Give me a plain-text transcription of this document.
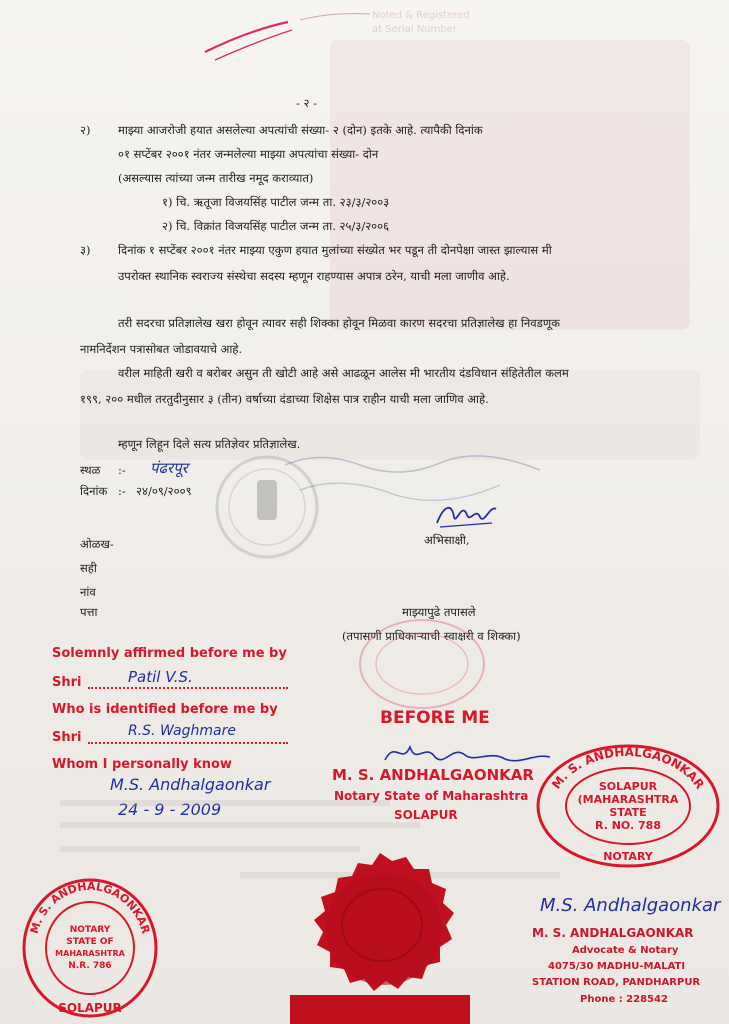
Noted & Registered
at Serial Number
- २ -
२) माझ्या आजरोजी हयात असलेल्या अपत्यांची संख्या- २ (दोन) इतके आहे. त्यापैकी दिनांक
०१ सप्टेंबर २००१ नंतर जन्मलेल्या माझ्या अपत्यांचा संख्या- दोन
(असल्यास त्यांच्या जन्म तारीख नमूद कराव्यात)
१) चि. ऋतूजा विजयसिंह पाटील जन्म ता. २३/३/२००३
२) चि. विक्रांत विजयसिंह पाटील जन्म ता. २५/३/२००६
३) दिनांक १ सप्टेंबर २००१ नंतर माझ्या एकुण हयात मुलांच्या संख्येत भर पडून ती दोनपेक्षा जास्त झाल्यास मी उपरोक्त स्थानिक स्वराज्य संस्थेचा सदस्य म्हणून राहण्यास अपात्र ठरेन, याची मला जाणीव आहे.
तरी सदरचा प्रतिज्ञालेख खरा होवून त्यावर सही शिक्का होवून मिळवा कारण सदरचा प्रतिज्ञालेख हा निवडणूक नामनिर्देशन पत्रासोबत जोडावयाचे आहे.
वरील माहिती खरी व बरोबर असुन ती खोटी आहे असे आढळून आलेस मी भारतीय दंडविधान संहितेतील कलम १९९, २०० मधील तरतुदीनुसार ३ (तीन) वर्षाच्या दंडाच्या शिक्षेस पात्र राहीन याची मला जाणिव आहे.
म्हणून लिहून दिले सत्य प्रतिज्ञेवर प्रतिज्ञालेख.
स्थळ :- पंढरपूर
दिनांक :- २४/०९/२००९
अभिसाक्षी,
ओळख-
सही
नांव
पत्ता	माझ्यापुढे तपासले
(तपासणी प्राधिकाऱ्याची स्वाक्षरी व शिक्का)
Solemnly affirmed before me by
Shri	Patil V.S.
Who is identified before me by
Shri	R.S. Waghmare
Whom I personally know
M.S. Andhalgaonkar
24 - 9 - 2009
BEFORE ME
M. S. ANDHALGAONKAR
Notary State of Maharashtra
SOLAPUR
M. S. ANDHALGAONKAR
SOLAPUR
(MAHARASHTRA
STATE
R. NO. 788
NOTARY
M. S. ANDHALGAONKAR
NOTARY
STATE OF
MAHARASHTRA
N.R. 786
SOLAPUR
M.S. Andhalgaonkar
M. S. ANDHALGAONKAR
Advocate & Notary
4075/30 MADHU-MALATI
STATION ROAD, PANDHARPUR
Phone : 228542
